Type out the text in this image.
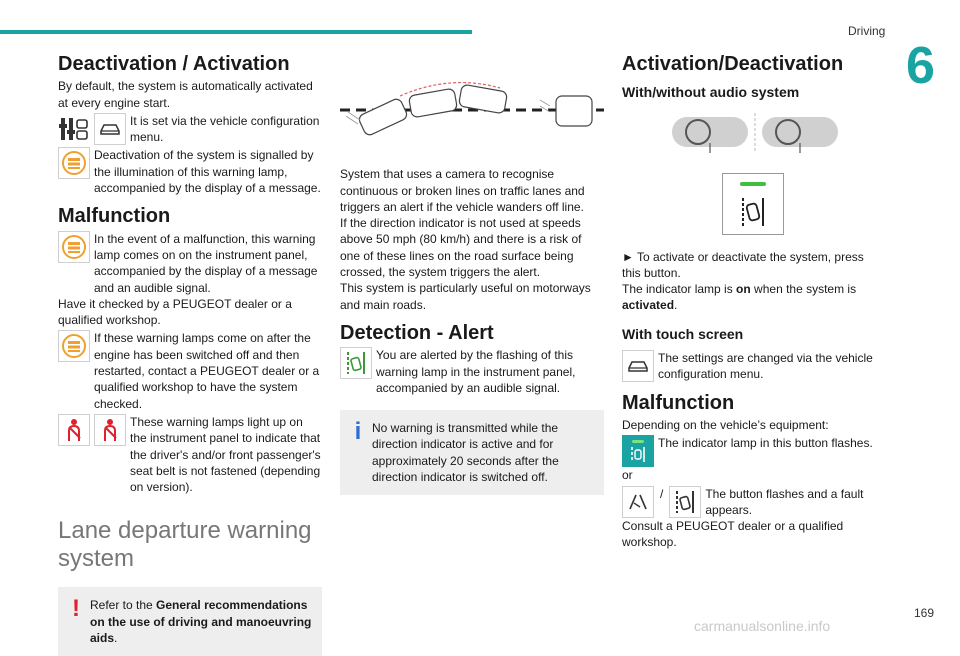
Driving
6
Deactivation / Activation

By default, the system is automatically activated at every engine start.

It is set via the vehicle configuration menu.
Deactivation of the system is signalled by the illumination of this warning lamp, accompanied by the display of a message.
Malfunction
In the event of a malfunction, this warning lamp comes on on the instrument panel, accompanied by the display of a message and an audible signal.

Have it checked by a PEUGEOT dealer or a qualified workshop.

If these warning lamps come on after the engine has been switched off and then restarted, contact a PEUGEOT dealer or a qualified workshop to have the system checked.
These warning lamps light up on the instrument panel to indicate that the driver's and/or front passenger's seat belt is not fastened (depending on version).
Lane departure warning system
! Refer to the General recommendations on the use of driving and manoeuvring aids.

System that uses a camera to recognise continuous or broken lines on traffic lanes and triggers an alert if the vehicle wanders off line.

If the direction indicator is not used at speeds above 50 mph (80 km/h) and there is a risk of one of these lines on the road surface being crossed, the system triggers the alert.

This system is particularly useful on motorways and main roads.

Detection - Alert
You are alerted by the flashing of this warning lamp in the instrument panel, accompanied by an audible signal.
i No warning is transmitted while the direction indicator is active and for approximately 20 seconds after the direction indicator is switched off.
Activation/Deactivation
With/without audio system

► To activate or deactivate the system, press this button.

The indicator lamp is on when the system is activated.

With touch screen
The settings are changed via the vehicle configuration menu.
Malfunction

Depending on the vehicle’s equipment:

The indicator lamp in this button flashes.

or

/	The button flashes and a fault appears.

Consult a PEUGEOT dealer or a qualified workshop.

169
carmanualsonline.info
